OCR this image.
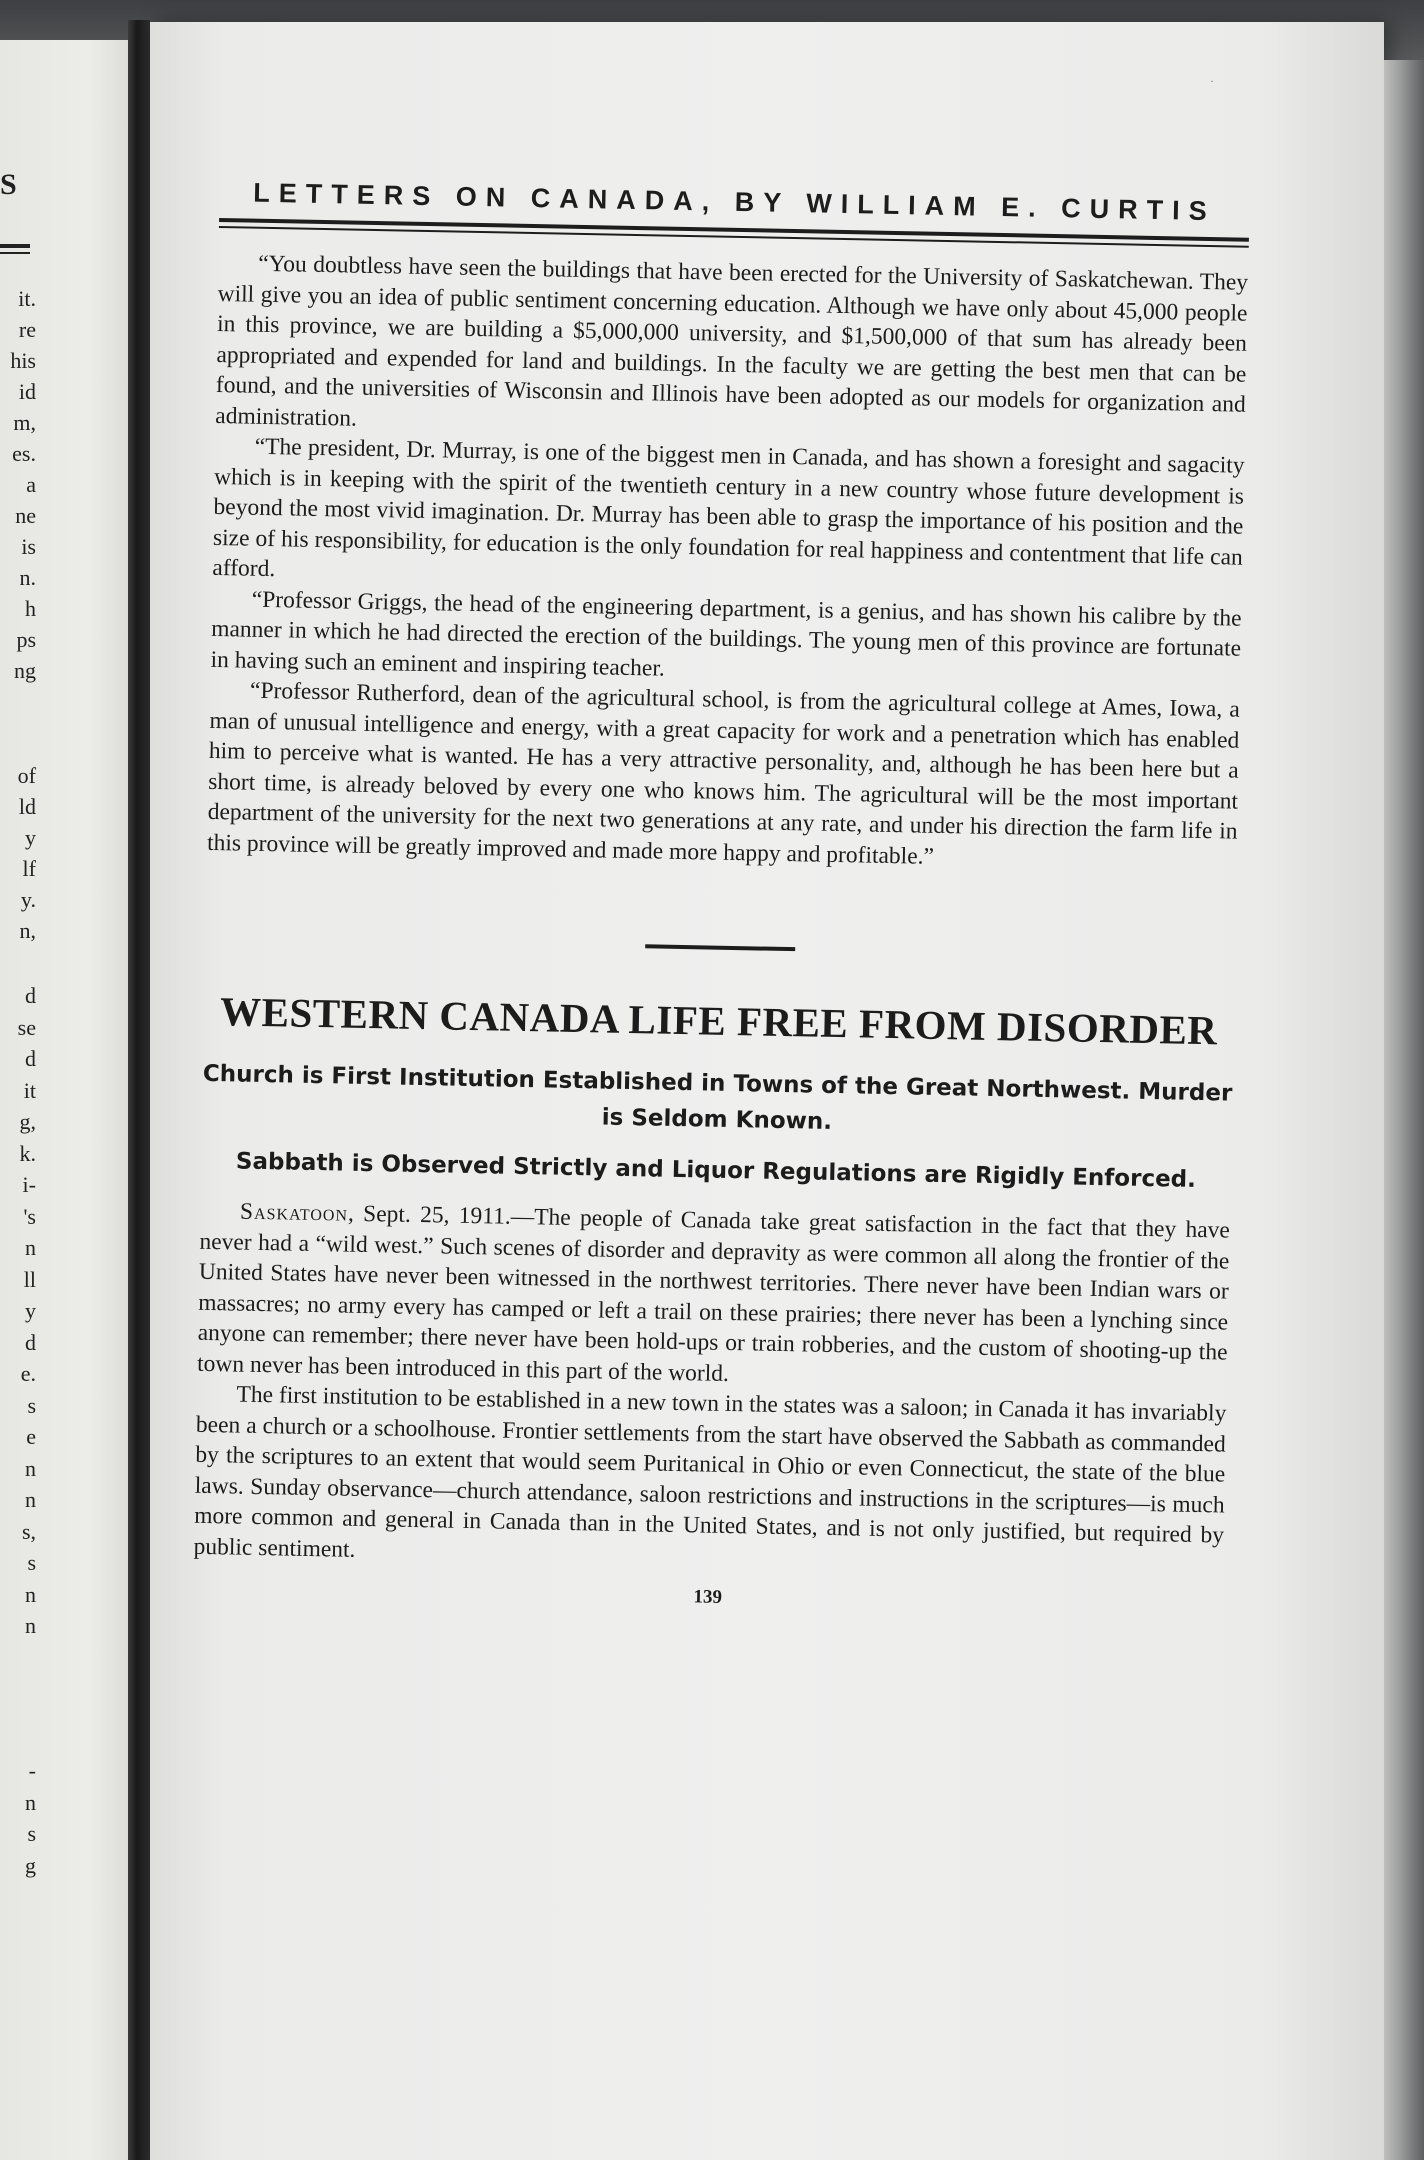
S
it.
re
his
id
m,
es.
a
ne
is
n.
h
ps
ng
of
ld
y
lf
y.
n,
d
se
d
it
g,
k.
i-
's
n
ll
y
d
e.
s
e
n
n
s,
s
n
n
-
n
s
g
·
LETTERS ON CANADA, BY WILLIAM E. CURTIS

“You doubtless have seen the buildings that have been erected for the University of Saskatchewan. They will give you an idea of public sentiment concerning education. Although we have only about 45,000 people in this province, we are building a $5,000,000 university, and $1,500,000 of that sum has already been appropriated and expended for land and buildings. In the faculty we are getting the best men that can be found, and the universities of Wisconsin and Illinois have been adopted as our models for organization and administration.

“The president, Dr. Murray, is one of the biggest men in Canada, and has shown a foresight and sagacity which is in keeping with the spirit of the twentieth century in a new country whose future development is beyond the most vivid imagination. Dr. Murray has been able to grasp the importance of his position and the size of his responsibility, for education is the only foundation for real happiness and contentment that life can afford.

“Professor Griggs, the head of the engineering department, is a genius, and has shown his calibre by the manner in which he had directed the erection of the buildings. The young men of this province are fortunate in having such an eminent and inspiring teacher.

“Professor Rutherford, dean of the agricultural school, is from the agricultural college at Ames, Iowa, a man of unusual intelligence and energy, with a great capacity for work and a penetration which has enabled him to perceive what is wanted. He has a very attractive personality, and, although he has been here but a short time, is already beloved by every one who knows him. The agricultural will be the most important department of the university for the next two generations at any rate, and under his direction the farm life in this province will be greatly improved and made more happy and profitable.”

WESTERN CANADA LIFE FREE FROM DISORDER
Church is First Institution Established in Towns of the Great Northwest. Murder is Seldom Known.
Sabbath is Observed Strictly and Liquor Regulations are Rigidly Enforced.

Saskatoon, Sept. 25, 1911.—The people of Canada take great satisfaction in the fact that they have never had a “wild west.” Such scenes of disorder and depravity as were common all along the frontier of the United States have never been witnessed in the northwest territories. There never have been Indian wars or massacres; no army every has camped or left a trail on these prairies; there never has been a lynching since anyone can remember; there never have been hold-ups or train robberies, and the custom of shooting-up the town never has been introduced in this part of the world.

The first institution to be established in a new town in the states was a saloon; in Canada it has invariably been a church or a schoolhouse. Frontier settlements from the start have observed the Sabbath as commanded by the scriptures to an extent that would seem Puritanical in Ohio or even Connecticut, the state of the blue laws. Sunday observance—church attendance, saloon restrictions and instructions in the scriptures—is much more common and general in Canada than in the United States, and is not only justified, but required by public sentiment.

139
